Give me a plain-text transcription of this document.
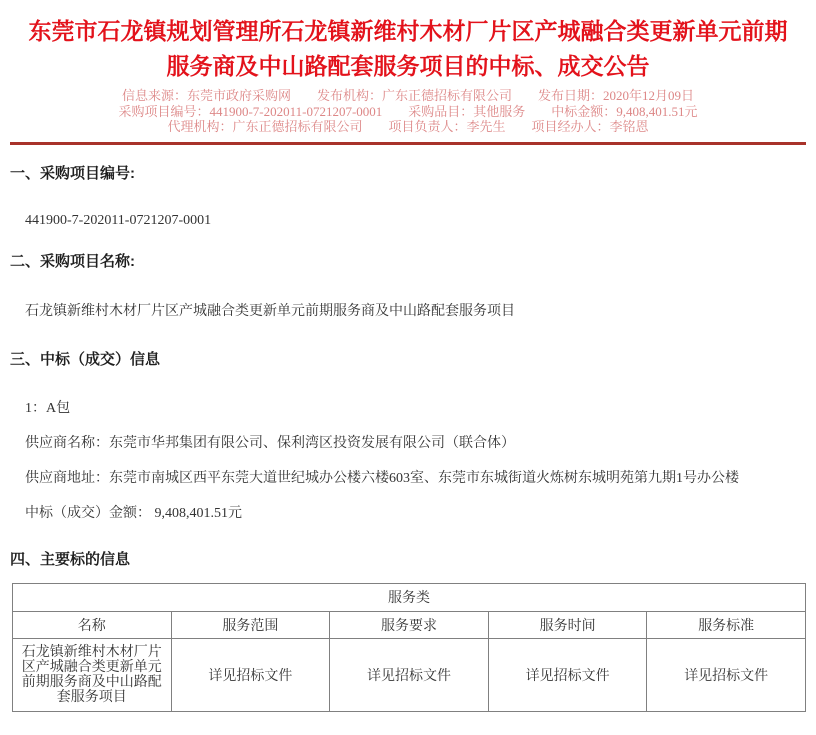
东莞市石龙镇规划管理所石龙镇新维村木材厂片区产城融合类更新单元前期
服务商及中山路配套服务项目的中标、成交公告
信息来源：东莞市政府采购网　　发布机构：广东正德招标有限公司　　发布日期：2020年12月09日
采购项目编号：441900-7-202011-0721207-0001　　采购品目：其他服务　　中标金额：9,408,401.51元
代理机构：广东正德招标有限公司　　项目负责人：李先生　　项目经办人：李铭恩
一、采购项目编号:

441900-7-202011-0721207-0001

二、采购项目名称:

石龙镇新维村木材厂片区产城融合类更新单元前期服务商及中山路配套服务项目

三、中标（成交）信息

1：A包

供应商名称：东莞市华邦集团有限公司、保利湾区投资发展有限公司（联合体）

供应商地址：东莞市南城区西平东莞大道世纪城办公楼六楼603室、东莞市东城街道火炼树东城明苑第九期1号办公楼

中标（成交）金额： 9,408,401.51元

四、主要标的信息
服务类				
名称	服务范围	服务要求	服务时间	服务标准
石龙镇新维村木材厂片区产城融合类更新单元前期服务商及中山路配套服务项目	详见招标文件	详见招标文件	详见招标文件	详见招标文件
